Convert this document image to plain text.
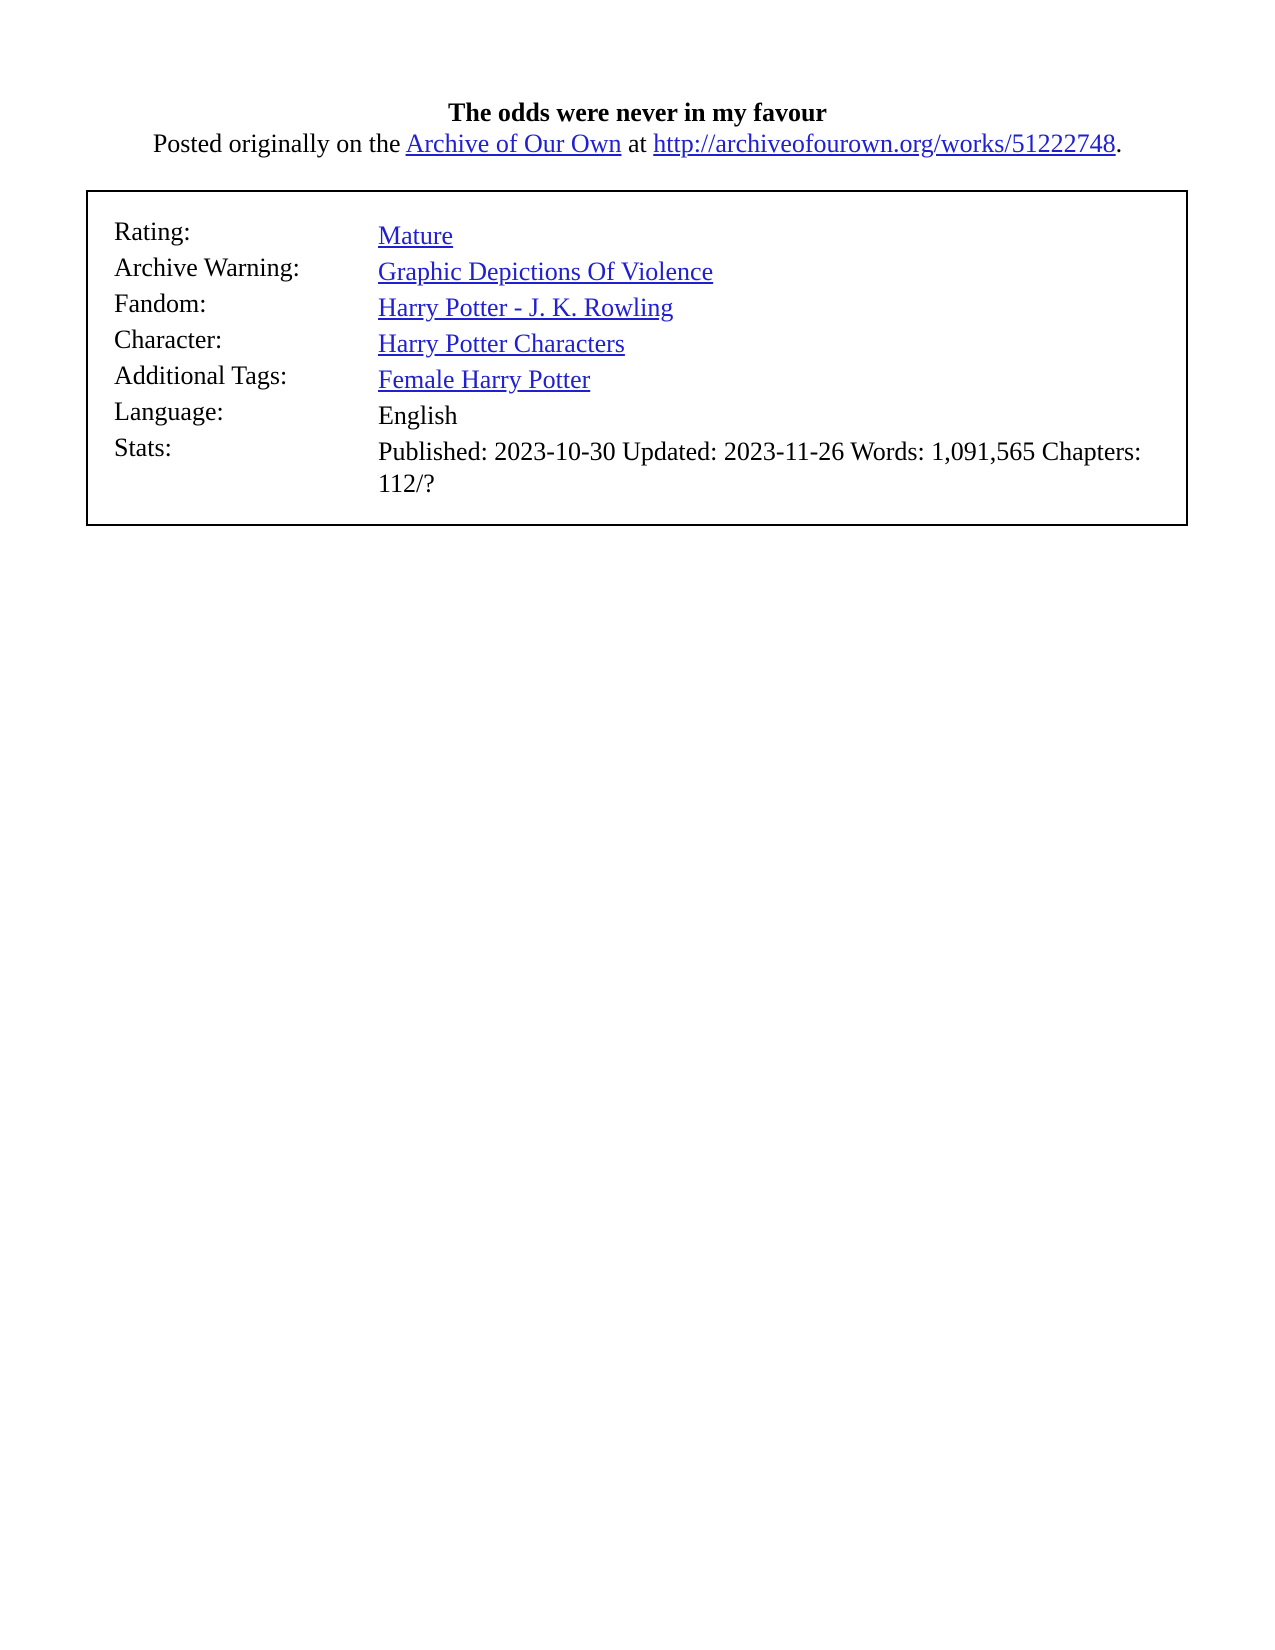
The odds were never in my favour
Posted originally on the Archive of Our Own at http://archiveofourown.org/works/51222748.
Rating:	Mature
Archive Warning:	Graphic Depictions Of Violence
Fandom:	Harry Potter - J. K. Rowling
Character:	Harry Potter Characters
Additional Tags:	Female Harry Potter
Language:	English
Stats:	Published: 2023-10-30 Updated: 2023-11-26 Words: 1,091,565 Chapters: 112/?
